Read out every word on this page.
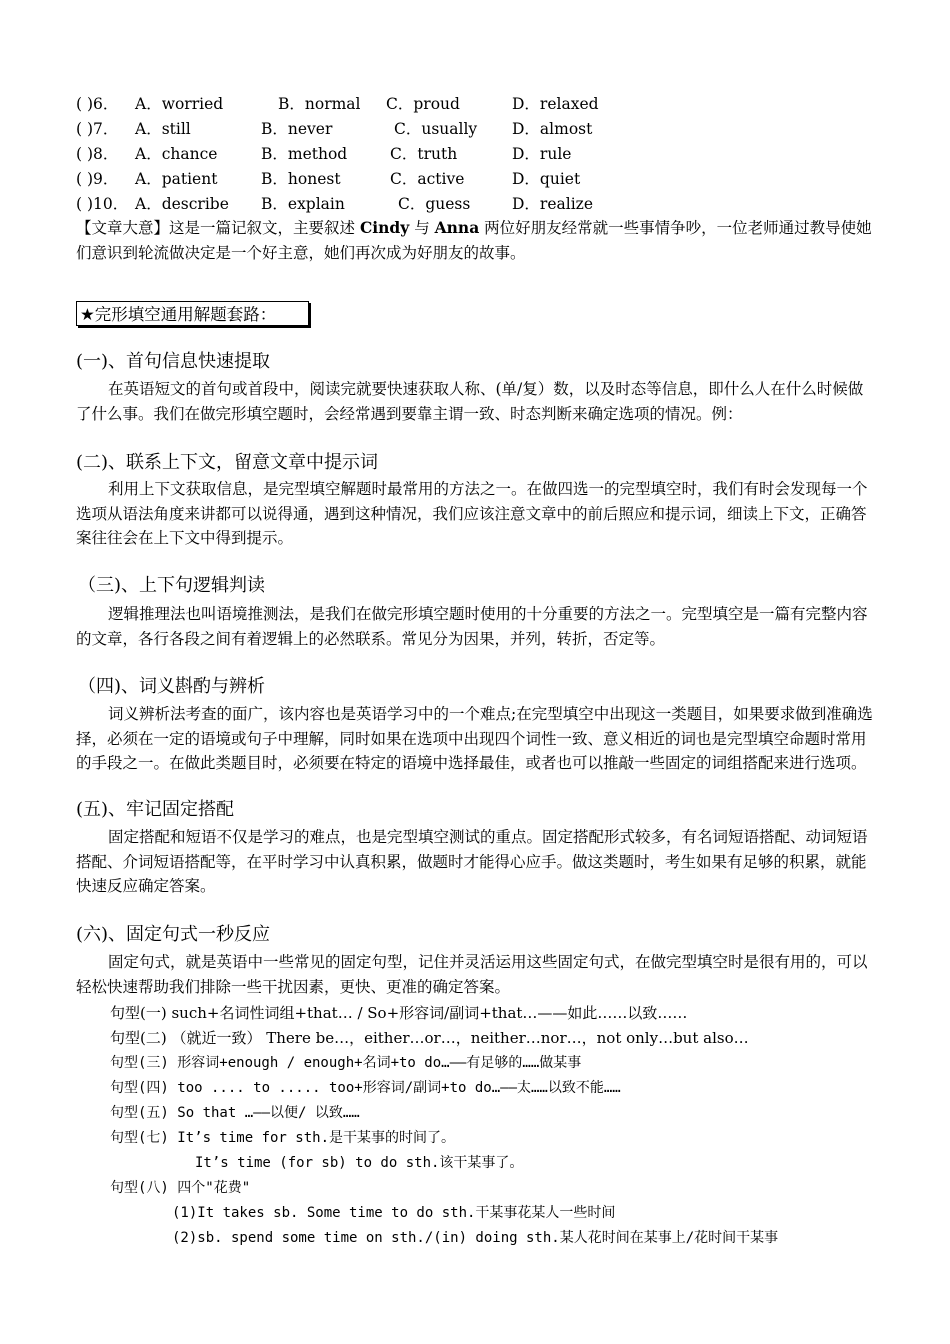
( )6． A．worried	B．normal C．proud	D．relaxed
( )7． A．still	B．never	C．usually D．almost
( )8． A．chance	B．method	C．truth	D．rule
( )9． A．patient	B．honest	C．active	D．quiet
( )10． A．describe B．explain	C．guess	D．realize
【文章大意】这是一篇记叙文，主要叙述 Cindy 与 Anna 两位好朋友经常就一些事情争吵，一位老师通过教导使她们意识到轮流做决定是一个好主意，她们再次成为好朋友的故事。
★完形填空通用解题套路：
(一)、首句信息快速提取
在英语短文的首句或首段中，阅读完就要快速获取人称、(单/复）数，以及时态等信息，即什么人在什么时候做了什么事。我们在做完形填空题时，会经常遇到要靠主谓一致、时态判断来确定选项的情况。例：
(二)、联系上下文，留意文章中提示词
利用上下文获取信息，是完型填空解题时最常用的方法之一。在做四选一的完型填空时，我们有时会发现每一个选项从语法角度来讲都可以说得通，遇到这种情况，我们应该注意文章中的前后照应和提示词，细读上下文，正确答案往往会在上下文中得到提示。
（三)、上下句逻辑判读
逻辑推理法也叫语境推测法，是我们在做完形填空题时使用的十分重要的方法之一。完型填空是一篇有完整内容的文章，各行各段之间有着逻辑上的必然联系。常见分为因果，并列，转折，否定等。
（四)、词义斟酌与辨析
词义辨析法考查的面广，该内容也是英语学习中的一个难点;在完型填空中出现这一类题目，如果要求做到准确选择，必须在一定的语境或句子中理解，同时如果在选项中出现四个词性一致、意义相近的词也是完型填空命题时常用的手段之一。在做此类题目时，必须要在特定的语境中选择最佳，或者也可以推敲一些固定的词组搭配来进行选项。
(五)、牢记固定搭配
固定搭配和短语不仅是学习的难点，也是完型填空测试的重点。固定搭配形式较多，有名词短语搭配、动词短语搭配、介词短语搭配等，在平时学习中认真积累，做题时才能得心应手。做这类题时，考生如果有足够的积累，就能快速反应确定答案。
(六)、固定句式一秒反应
固定句式，就是英语中一些常见的固定句型，记住并灵活运用这些固定句式，在做完型填空时是很有用的，可以轻松快速帮助我们排除一些干扰因素，更快、更准的确定答案。
句型(一) such+名词性词组+that… / So+形容词/副词+that…——如此……以致……
句型(二) （就近一致） There be…，either…or…，neither…nor…，not only…but also…
句型(三) 形容词+enough / enough+名词+to do…——有足够的……做某事
句型(四) too .... to ..... too+形容词/副词+to do…——太……以致不能……
句型(五) So that …——以便/ 以致……
句型(七) It’s time for sth.是干某事的时间了。
It’s time (for sb) to do sth.该干某事了。
句型(八) 四个"花费"
(1)It takes sb. Some time to do sth.干某事花某人一些时间
(2)sb. spend some time on sth./(in) doing sth.某人花时间在某事上/花时间干某事
